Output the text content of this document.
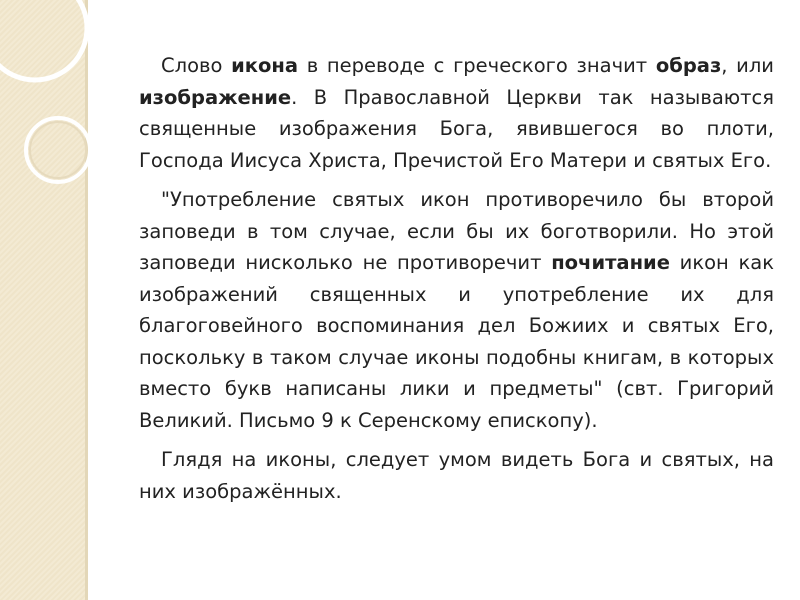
Слово икона в переводе с греческого значит образ, или изображение. В Православной Церкви так называются священные изображения Бога, явившегося во плоти, Господа Иисуса Христа, Пречистой Его Матери и святых Его.

"Употребление святых икон противоречило бы второй заповеди в том случае, если бы их боготворили. Но этой заповеди нисколько не противоречит почитание икон как изображений священных и употребление их для благоговейного воспоминания дел Божиих и святых Его, поскольку в таком случае иконы подобны книгам, в которых вместо букв написаны лики и предметы" (свт. Григорий Великий. Письмо 9 к Серенскому епископу).

Глядя на иконы, следует умом видеть Бога и святых, на них изображённых.
